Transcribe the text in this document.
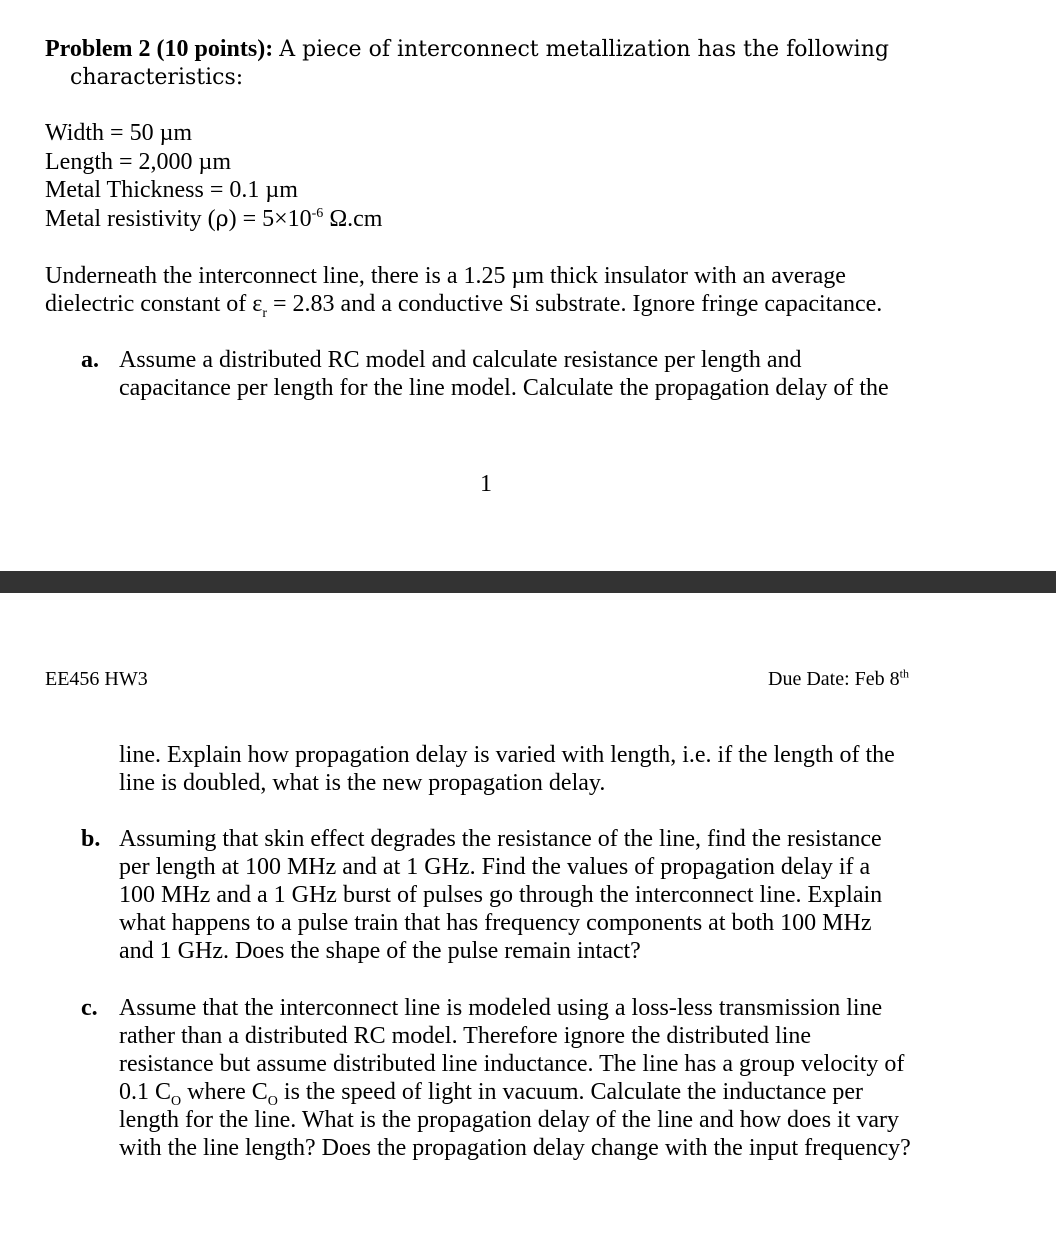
Problem 2 (10 points): A piece of interconnect metallization has the following
characteristics:
Width = 50 µm
Length = 2,000 µm
Metal Thickness = 0.1 µm
Metal resistivity $(\rho) = 5\times 10^{-6}$ Ω.cm
Underneath the interconnect line, there is a 1.25 µm thick insulator with an average
dielectric constant of $\varepsilon_r = 2.83$ and a conductive Si substrate. Ignore fringe capacitance.
a. Assume a distributed RC model and calculate resistance per length and
capacitance per length for the line model. Calculate the propagation delay of the
1
EE456 HW3	Due Date: Feb 8th
line. Explain how propagation delay is varied with length, i.e. if the length of the
line is doubled, what is the new propagation delay.
b. Assuming that skin effect degrades the resistance of the line, find the resistance
per length at 100 MHz and at 1 GHz. Find the values of propagation delay if a
100 MHz and a 1 GHz burst of pulses go through the interconnect line. Explain
what happens to a pulse train that has frequency components at both 100 MHz
and 1 GHz. Does the shape of the pulse remain intact?
c. Assume that the interconnect line is modeled using a loss-less transmission line
rather than a distributed RC model. Therefore ignore the distributed line
resistance but assume distributed line inductance. The line has a group velocity of
0.1 $C_O$ where $C_O$ is the speed of light in vacuum. Calculate the inductance per
length for the line. What is the propagation delay of the line and how does it vary
with the line length? Does the propagation delay change with the input frequency?
